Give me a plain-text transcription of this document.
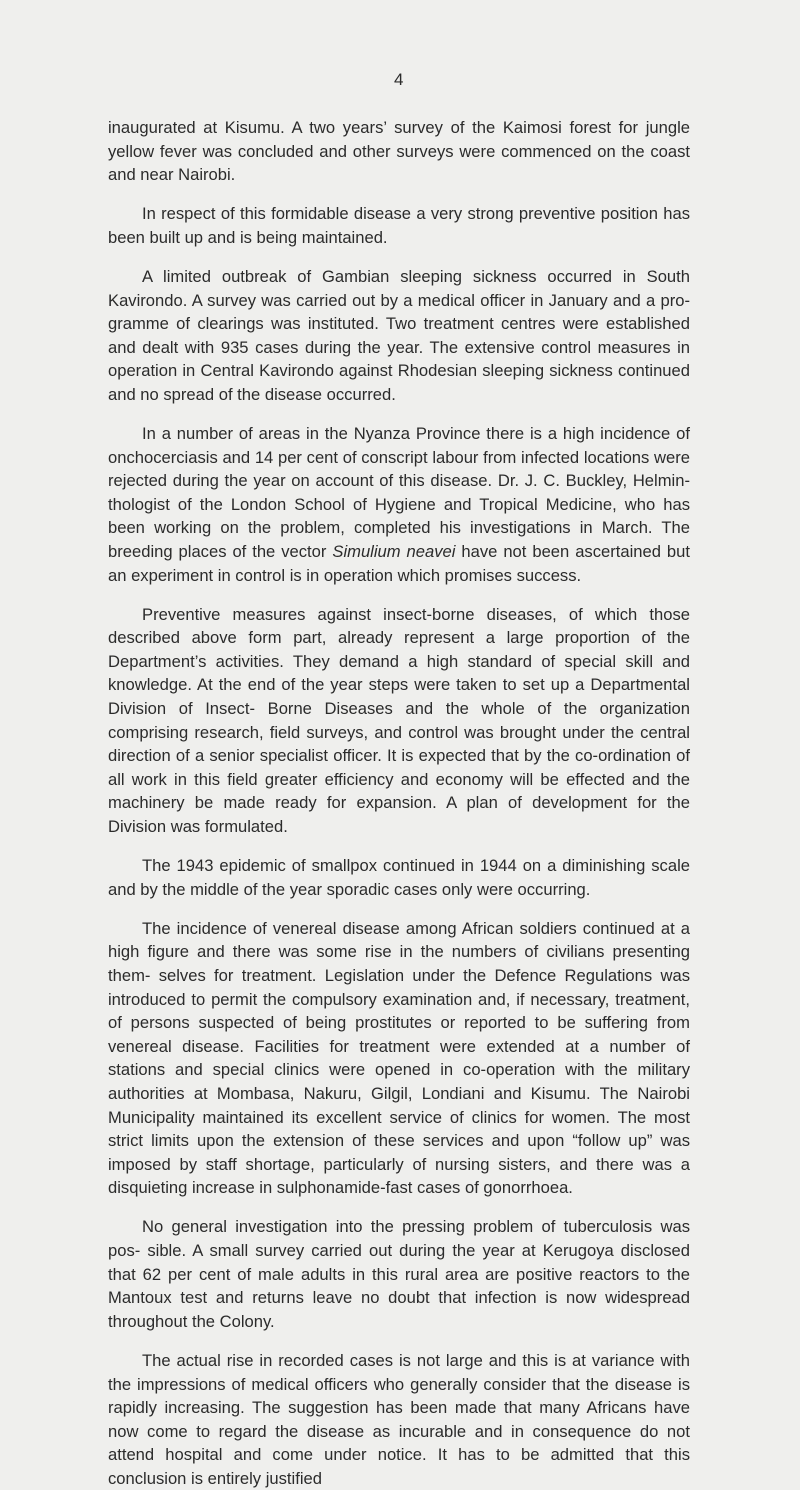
4

inaugurated at Kisumu. A two years’ survey of the Kaimosi forest for jungle yellow fever was concluded and other surveys were commenced on the coast and near Nairobi.

In respect of this formidable disease a very strong preventive position has been built up and is being maintained.

A limited outbreak of Gambian sleeping sickness occurred in South Kavirondo. A survey was carried out by a medical officer in January and a pro- gramme of clearings was instituted. Two treatment centres were established and dealt with 935 cases during the year. The extensive control measures in operation in Central Kavirondo against Rhodesian sleeping sickness continued and no spread of the disease occurred.

In a number of areas in the Nyanza Province there is a high incidence of onchocerciasis and 14 per cent of conscript labour from infected locations were rejected during the year on account of this disease. Dr. J. C. Buckley, Helmin- thologist of the London School of Hygiene and Tropical Medicine, who has been working on the problem, completed his investigations in March. The breeding places of the vector Simulium neavei have not been ascertained but an experiment in control is in operation which promises success.

Preventive measures against insect-borne diseases, of which those described above form part, already represent a large proportion of the Department’s activities. They demand a high standard of special skill and knowledge. At the end of the year steps were taken to set up a Departmental Division of Insect- Borne Diseases and the whole of the organization comprising research, field surveys, and control was brought under the central direction of a senior specialist officer. It is expected that by the co-ordination of all work in this field greater efficiency and economy will be effected and the machinery be made ready for expansion. A plan of development for the Division was formulated.

The 1943 epidemic of smallpox continued in 1944 on a diminishing scale and by the middle of the year sporadic cases only were occurring.

The incidence of venereal disease among African soldiers continued at a high figure and there was some rise in the numbers of civilians presenting them- selves for treatment. Legislation under the Defence Regulations was introduced to permit the compulsory examination and, if necessary, treatment, of persons suspected of being prostitutes or reported to be suffering from venereal disease. Facilities for treatment were extended at a number of stations and special clinics were opened in co-operation with the military authorities at Mombasa, Nakuru, Gilgil, Londiani and Kisumu. The Nairobi Municipality maintained its excellent service of clinics for women. The most strict limits upon the extension of these services and upon “follow up” was imposed by staff shortage, particularly of nursing sisters, and there was a disquieting increase in sulphonamide-fast cases of gonorrhoea.

No general investigation into the pressing problem of tuberculosis was pos- sible. A small survey carried out during the year at Kerugoya disclosed that 62 per cent of male adults in this rural area are positive reactors to the Mantoux test and returns leave no doubt that infection is now widespread throughout the Colony.

The actual rise in recorded cases is not large and this is at variance with the impressions of medical officers who generally consider that the disease is rapidly increasing. The suggestion has been made that many Africans have now come to regard the disease as incurable and in consequence do not attend hospital and come under notice. It has to be admitted that this conclusion is entirely justified
